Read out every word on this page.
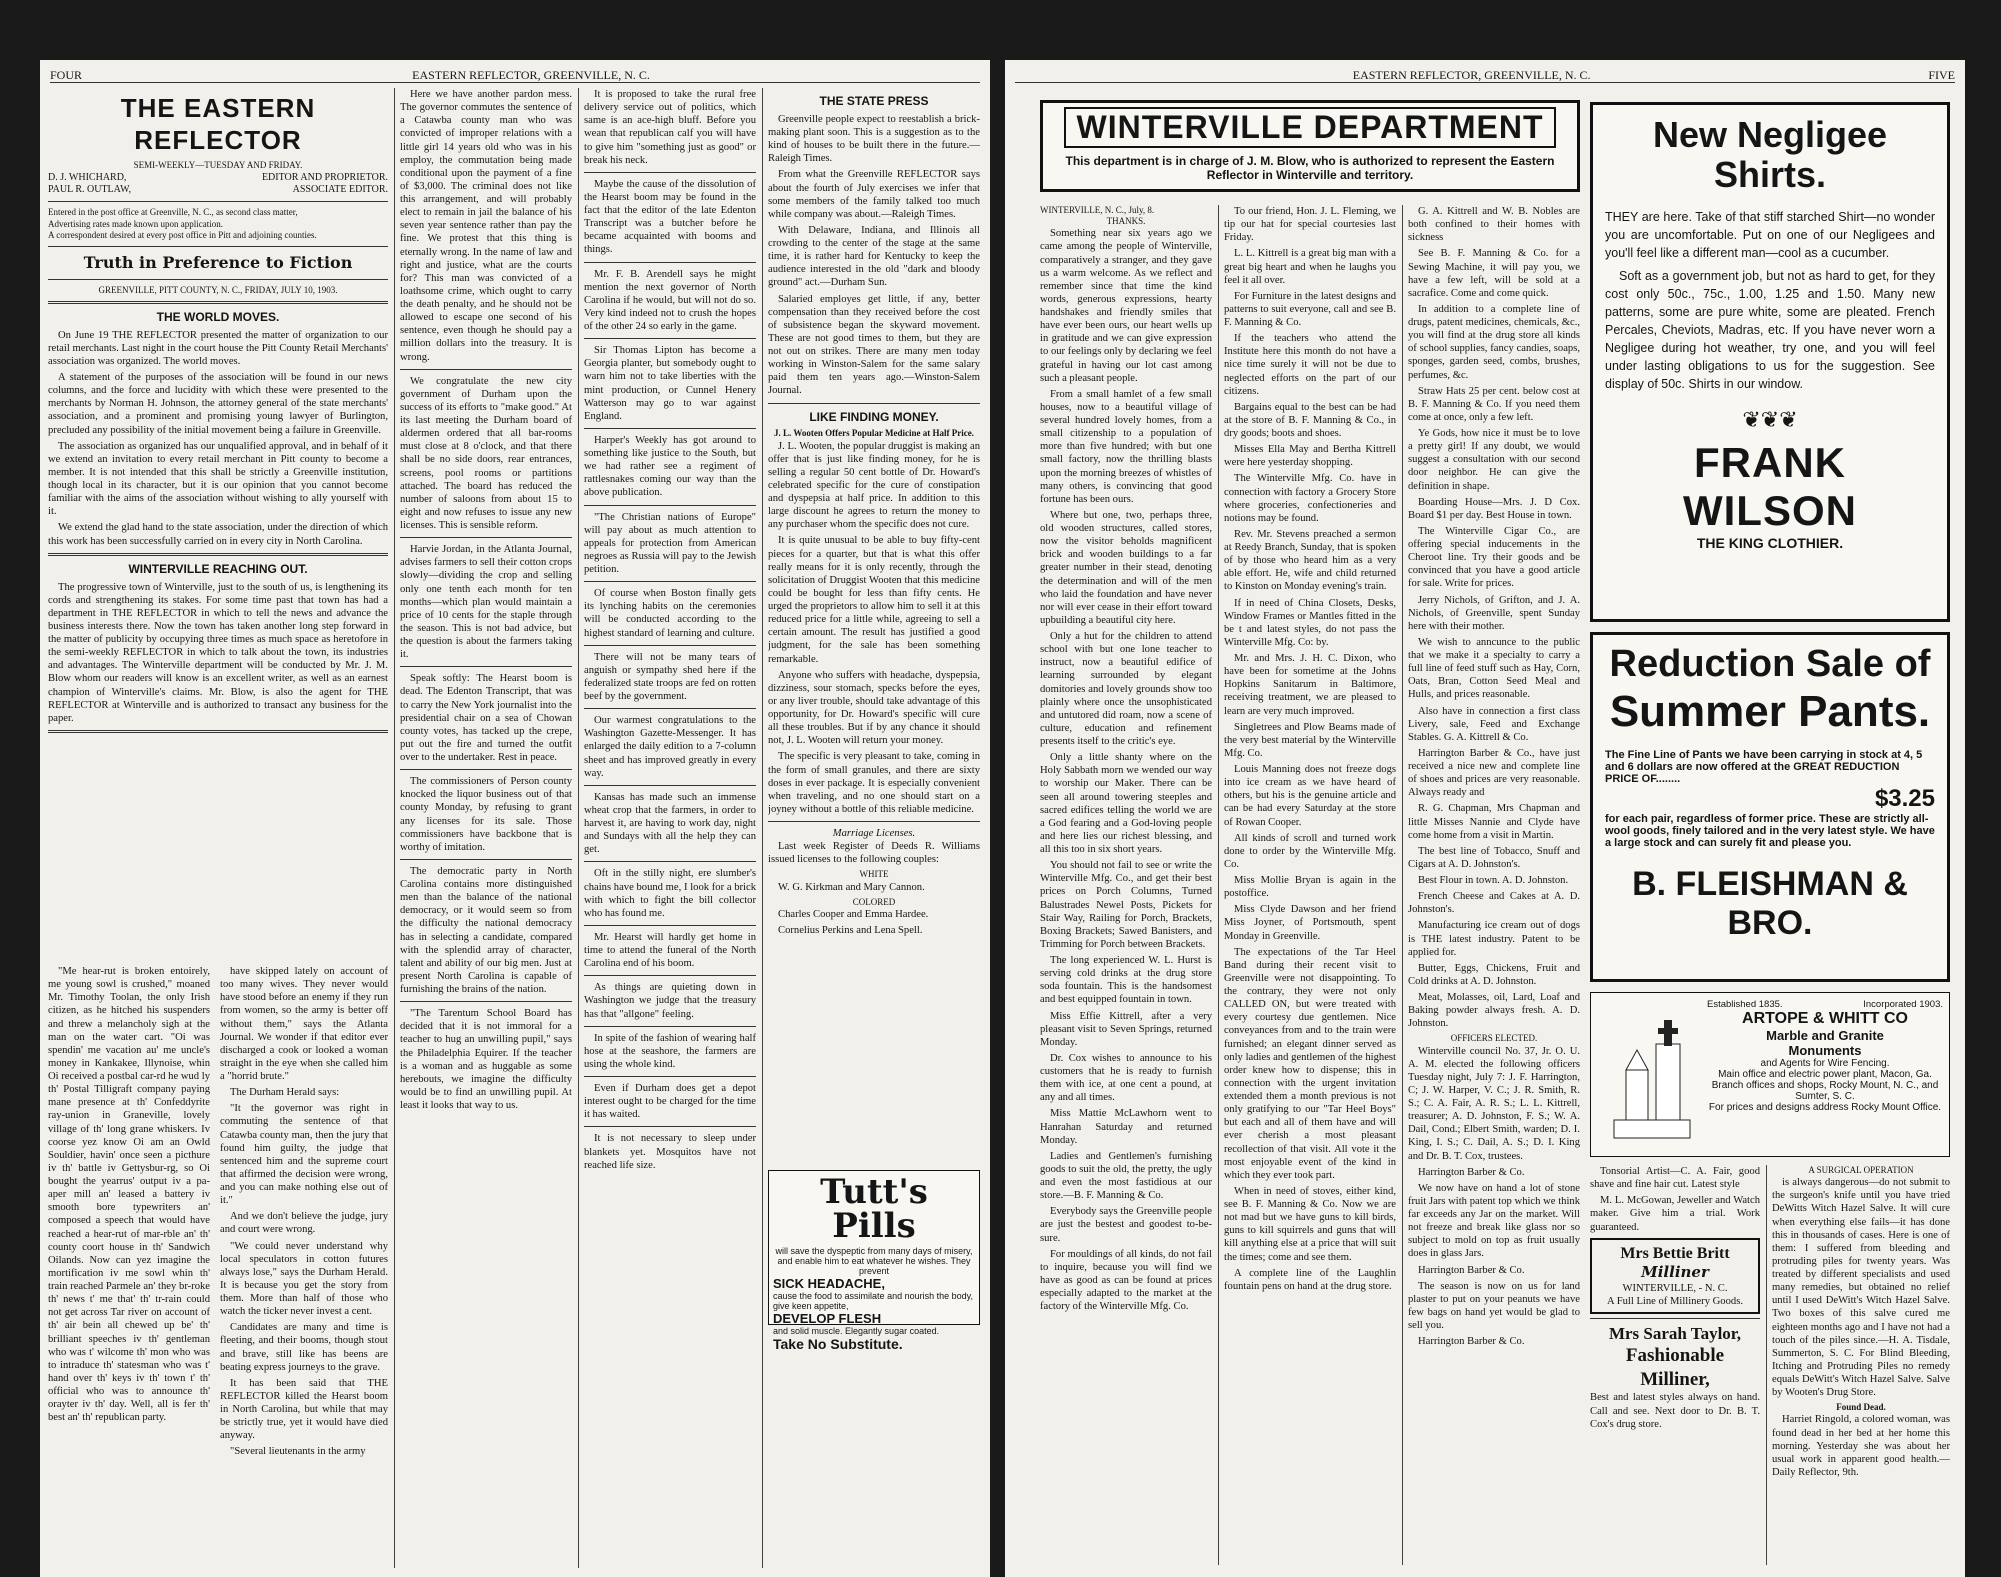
FOUR	EASTERN REFLECTOR, GREENVILLE, N. C.
THE EASTERN REFLECTOR
SEMI-WEEKLY—TUESDAY AND FRIDAY.
D. J. WHICHARD,	EDITOR AND PROPRIETOR.
PAUL R. OUTLAW,	ASSOCIATE EDITOR.
Entered in the post office at Greenville, N. C., as second class matter,
Advertising rates made known upon application.
A correspondent desired at every post office in Pitt and adjoining counties.
Truth in Preference to Fiction
GREENVILLE, PITT COUNTY, N. C., FRIDAY, JULY 10, 1903.
THE WORLD MOVES.

On June 19 THE REFLECTOR presented the matter of organization to our retail merchants. Last night in the court house the Pitt County Retail Merchants' association was organized. The world moves.

A statement of the purposes of the association will be found in our news columns, and the force and lucidity with which these were presented to the merchants by Norman H. Johnson, the attorney general of the state merchants' association, and a prominent and promising young lawyer of Burlington, precluded any possibility of the initial movement being a failure in Greenville.

The association as organized has our unqualified approval, and in behalf of it we extend an invitation to every retail merchant in Pitt county to become a member. It is not intended that this shall be strictly a Greenville institution, though local in its character, but it is our opinion that you cannot become familiar with the aims of the association without wishing to ally yourself with it.

We extend the glad hand to the state association, under the direction of which this work has been successfully carried on in every city in North Carolina.

WINTERVILLE REACHING OUT.

The progressive town of Winterville, just to the south of us, is lengthening its cords and strengthening its stakes. For some time past that town has had a department in THE REFLECTOR in which to tell the news and advance the business interests there. Now the town has taken another long step forward in the matter of publicity by occupying three times as much space as heretofore in the semi-weekly REFLECTOR in which to talk about the town, its industries and advantages. The Winterville department will be conducted by Mr. J. M. Blow whom our readers will know is an excellent writer, as well as an earnest champion of Winterville's claims. Mr. Blow, is also the agent for THE REFLECTOR at Winterville and is authorized to transact any business for the paper.

"Me hear-rut is broken entoirely, me young sowl is crushed," moaned Mr. Timothy Toolan, the only Irish citizen, as he hitched his suspenders and threw a melancholy sigh at the man on the water cart. "Oi was spendin' me vacation au' me uncle's money in Kankakee, Illynoise, whin Oi received a postbal car-rd he wud ly th' Postal Tilligraft company paying mane presence at th' Confeddyrite ray-union in Graneville, lovely village of th' long grane whiskers. Iv coorse yez know Oi am an Owld Souldier, havin' once seen a picthure iv th' battle iv Gettysbur-rg, so Oi bought the yearrus' output iv a pa-aper mill an' leased a battery iv smooth bore typewriters an' composed a speech that would have reached a hear-rut of mar-rble an' th' county coort house in th' Sandwich Oilands. Now can yez imagine the mortification iv me sowl whin th' train reached Parmele an' they br-roke th' news t' me that' th' tr-rain could not get across Tar river on account of th' air bein all chewed up be' th' brilliant speeches iv th' gentleman who was t' wilcome th' mon who was to intraduce th' statesman who was t' hand over th' keys iv th' town t' th' official who was to announce th' orayter iv th' day. Well, all is fer th' best an' th' republican party.

have skipped lately on account of too many wives. They never would have stood before an enemy if they run from women, so the army is better off without them," says the Atlanta Journal. We wonder if that editor ever discharged a cook or looked a woman straight in the eye when she called him a "horrid brute."

The Durham Herald says:

"It the governor was right in commuting the sentence of that Catawba county man, then the jury that found him guilty, the judge that sentenced him and the supreme court that affirmed the decision were wrong, and you can make nothing else out of it."

And we don't believe the judge, jury and court were wrong.

"We could never understand why local speculators in cotton futures always lose," says the Durham Herald. It is because you get the story from them. More than half of those who watch the ticker never invest a cent.

Candidates are many and time is fleeting, and their booms, though stout and brave, still like has beens are beating express journeys to the grave.

It has been said that THE REFLECTOR killed the Hearst boom in North Carolina, but while that may be strictly true, yet it would have died anyway.

"Several lieutenants in the army

Here we have another pardon mess. The governor commutes the sentence of a Catawba county man who was convicted of improper relations with a little girl 14 years old who was in his employ, the commutation being made conditional upon the payment of a fine of $3,000. The criminal does not like this arrangement, and will probably elect to remain in jail the balance of his seven year sentence rather than pay the fine. We protest that this thing is eternally wrong. In the name of law and right and justice, what are the courts for? This man was convicted of a loathsome crime, which ought to carry the death penalty, and he should not be allowed to escape one second of his sentence, even though he should pay a million dollars into the treasury. It is wrong.

We congratulate the new city government of Durham upon the success of its efforts to "make good." At its last meeting the Durham board of aldermen ordered that all bar-rooms must close at 8 o'clock, and that there shall be no side doors, rear entrances, screens, pool rooms or partitions attached. The board has reduced the number of saloons from about 15 to eight and now refuses to issue any new licenses. This is sensible reform.

Harvie Jordan, in the Atlanta Journal, advises farmers to sell their cotton crops slowly—dividing the crop and selling only one tenth each month for ten months—which plan would maintain a price of 10 cents for the staple through the season. This is not bad advice, but the question is about the farmers taking it.

Speak softly: The Hearst boom is dead. The Edenton Transcript, that was to carry the New York journalist into the presidential chair on a sea of Chowan county votes, has tacked up the crepe, put out the fire and turned the outfit over to the undertaker. Rest in peace.

The commissioners of Person county knocked the liquor business out of that county Monday, by refusing to grant any licenses for its sale. Those commissioners have backbone that is worthy of imitation.

The democratic party in North Carolina contains more distinguished men than the balance of the national democracy, or it would seem so from the difficulty the national democracy has in selecting a candidate, compared with the splendid array of character, talent and ability of our big men. Just at present North Carolina is capable of furnishing the brains of the nation.

"The Tarentum School Board has decided that it is not immoral for a teacher to hug an unwilling pupil," says the Philadelphia Equirer. If the teacher is a woman and as huggable as some herebouts, we imagine the difficulty would be to find an unwilling pupil. At least it looks that way to us.

It is proposed to take the rural free delivery service out of politics, which same is an ace-high bluff. Before you wean that republican calf you will have to give him "something just as good" or break his neck.

Maybe the cause of the dissolution of the Hearst boom may be found in the fact that the editor of the late Edenton Transcript was a butcher before he became acquainted with booms and things.

Mr. F. B. Arendell says he might mention the next governor of North Carolina if he would, but will not do so. Very kind indeed not to crush the hopes of the other 24 so early in the game.

Sir Thomas Lipton has become a Georgia planter, but somebody ought to warn him not to take liberties with the mint production, or Cunnel Henery Watterson may go to war against England.

Harper's Weekly has got around to something like justice to the South, but we had rather see a regiment of rattlesnakes coming our way than the above publication.

"The Christian nations of Europe" will pay about as much attention to appeals for protection from American negroes as Russia will pay to the Jewish petition.

Of course when Boston finally gets its lynching habits on the ceremonies will be conducted according to the highest standard of learning and culture.

There will not be many tears of anguish or sympathy shed here if the federalized state troops are fed on rotten beef by the government.

Our warmest congratulations to the Washington Gazette-Messenger. It has enlarged the daily edition to a 7-column sheet and has improved greatly in every way.

Kansas has made such an immense wheat crop that the farmers, in order to harvest it, are having to work day, night and Sundays with all the help they can get.

Oft in the stilly night, ere slumber's chains have bound me, I look for a brick with which to fight the bill collector who has found me.

Mr. Hearst will hardly get home in time to attend the funeral of the North Carolina end of his boom.

As things are quieting down in Washington we judge that the treasury has that "allgone" feeling.

In spite of the fashion of wearing half hose at the seashore, the farmers are using the whole kind.

Even if Durham does get a depot interest ought to be charged for the time it has waited.

It is not necessary to sleep under blankets yet. Mosquitos have not reached life size.

THE STATE PRESS

Greenville people expect to reestablish a brick-making plant soon. This is a suggestion as to the kind of houses to be built there in the future.—Raleigh Times.

From what the Greenville REFLECTOR says about the fourth of July exercises we infer that some members of the family talked too much while company was about.—Raleigh Times.

With Delaware, Indiana, and Illinois all crowding to the center of the stage at the same time, it is rather hard for Kentucky to keep the audience interested in the old "dark and bloody ground" act.—Durham Sun.

Salaried employes get little, if any, better compensation than they received before the cost of subsistence began the skyward movement. These are not good times to them, but they are not out on strikes. There are many men today working in Winston-Salem for the same salary paid them ten years ago.—Winston-Salem Journal.

LIKE FINDING MONEY.
J. L. Wooten Offers Popular Medicine at Half Price.

J. L. Wooten, the popular druggist is making an offer that is just like finding money, for he is selling a regular 50 cent bottle of Dr. Howard's celebrated specific for the cure of constipation and dyspepsia at half price. In addition to this large discount he agrees to return the money to any purchaser whom the specific does not cure.

It is quite unusual to be able to buy fifty-cent pieces for a quarter, but that is what this offer really means for it is only recently, through the solicitation of Druggist Wooten that this medicine could be bought for less than fifty cents. He urged the proprietors to allow him to sell it at this reduced price for a little while, agreeing to sell a certain amount. The result has justified a good judgment, for the sale has been something remarkable.

Anyone who suffers with headache, dyspepsia, dizziness, sour stomach, specks before the eyes, or any liver trouble, should take advantage of this opportunity, for Dr. Howard's specific will cure all these troubles. But if by any chance it should not, J. L. Wooten will return your money.

The specific is very pleasant to take, coming in the form of small granules, and there are sixty doses in ever package. It is especially convenient when traveling, and no one should start on a joyney without a bottle of this reliable medicine.

Marriage Licenses.

Last week Register of Deeds R. Williams issued licenses to the following couples:

WHITE

W. G. Kirkman and Mary Cannon.

COLORED

Charles Cooper and Emma Hardee.

Cornelius Perkins and Lena Spell.

Tutt's Pills
will save the dyspeptic from many days of misery, and enable him to eat whatever he wishes. They prevent
SICK HEADACHE,
cause the food to assimilate and nourish the body, give keen appetite,
DEVELOP FLESH
and solid muscle. Elegantly sugar coated.
Take No Substitute.
EASTERN REFLECTOR, GREENVILLE, N. C.	FIVE
WINTERVILLE DEPARTMENT
This department is in charge of J. M. Blow, who is authorized to represent the Eastern Reflector in Winterville and territory.
WINTERVILLE, N. C., July, 8.
THANKS.

Something near six years ago we came among the people of Winterville, comparatively a stranger, and they gave us a warm welcome. As we reflect and remember since that time the kind words, generous expressions, hearty handshakes and friendly smiles that have ever been ours, our heart wells up in gratitude and we can give expression to our feelings only by declaring we feel grateful in having our lot cast among such a pleasant people.

From a small hamlet of a few small houses, now to a beautiful village of several hundred lovely homes, from a small citizenship to a population of more than five hundred; with but one small factory, now the thrilling blasts upon the morning breezes of whistles of many others, is convincing that good fortune has been ours.

Where but one, two, perhaps three, old wooden structures, called stores, now the visitor beholds magnificent brick and wooden buildings to a far greater number in their stead, denoting the determination and will of the men who laid the foundation and have never nor will ever cease in their effort toward upbuilding a beautiful city here.

Only a hut for the children to attend school with but one lone teacher to instruct, now a beautiful edifice of learning surrounded by elegant domitories and lovely grounds show too plainly where once the unsophisticated and untutored did roam, now a scene of culture, education and refinement presents itself to the critic's eye.

Only a little shanty where on the Holy Sabbath morn we wended our way to worship our Maker. There can be seen all around towering steeples and sacred edifices telling the world we are a God fearing and a God-loving people and here lies our richest blessing, and all this too in six short years.

You should not fail to see or write the Winterville Mfg. Co., and get their best prices on Porch Columns, Turned Balustrades Newel Posts, Pickets for Stair Way, Railing for Porch, Brackets, Boxing Brackets; Sawed Banisters, and Trimming for Porch between Brackets.

The long experienced W. L. Hurst is serving cold drinks at the drug store soda fountain. This is the handsomest and best equipped fountain in town.

Miss Effie Kittrell, after a very pleasant visit to Seven Springs, returned Monday.

Dr. Cox wishes to announce to his customers that he is ready to furnish them with ice, at one cent a pound, at any and all times.

Miss Mattie McLawhorn went to Hanrahan Saturday and returned Monday.

Ladies and Gentlemen's furnishing goods to suit the old, the pretty, the ugly and even the most fastidious at our store.—B. F. Manning & Co.

Everybody says the Greenville people are just the bestest and goodest to-be-sure.

For mouldings of all kinds, do not fail to inquire, because you will find we have as good as can be found at prices especially adapted to the market at the factory of the Winterville Mfg. Co.

To our friend, Hon. J. L. Fleming, we tip our hat for special courtesies last Friday.

L. L. Kittrell is a great big man with a great big heart and when he laughs you feel it all over.

For Furniture in the latest designs and patterns to suit everyone, call and see B. F. Manning & Co.

If the teachers who attend the Institute here this month do not have a nice time surely it will not be due to neglected efforts on the part of our citizens.

Bargains equal to the best can be had at the store of B. F. Manning & Co., in dry goods; boots and shoes.

Misses Ella May and Bertha Kittrell were here yesterday shopping.

The Winterville Mfg. Co. have in connection with factory a Grocery Store where groceries, confectioneries and notions may be found.

Rev. Mr. Stevens preached a sermon at Reedy Branch, Sunday, that is spoken of by those who heard him as a very able effort. He, wife and child returned to Kinston on Monday evening's train.

If in need of China Closets, Desks, Window Frames or Mantles fitted in the be t and latest styles, do not pass the Winterville Mfg. Co: by.

Mr. and Mrs. J. H. C. Dixon, who have been for sometime at the Johns Hopkins Sanitarum in Baltimore, receiving treatment, we are pleased to learn are very much improved.

Singletrees and Plow Beams made of the very best material by the Winterville Mfg. Co.

Louis Manning does not freeze dogs into ice cream as we have heard of others, but his is the genuine article and can be had every Saturday at the store of Rowan Cooper.

All kinds of scroll and turned work done to order by the Winterville Mfg. Co.

Miss Mollie Bryan is again in the postoffice.

Miss Clyde Dawson and her friend Miss Joyner, of Portsmouth, spent Monday in Greenville.

The expectations of the Tar Heel Band during their recent visit to Greenville were not disappointing. To the contrary, they were not only CALLED ON, but were treated with every courtesy due gentlemen. Nice conveyances from and to the train were furnished; an elegant dinner served as only ladies and gentlemen of the highest order knew how to dispense; this in connection with the urgent invitation extended them a month previous is not only gratifying to our "Tar Heel Boys" but each and all of them have and will ever cherish a most pleasant recollection of that visit. All vote it the most enjoyable event of the kind in which they ever took part.

When in need of stoves, either kind, see B. F. Manning & Co. Now we are not mad but we have guns to kill birds, guns to kill squirrels and guns that will kill anything else at a price that will suit the times; come and see them.

A complete line of the Laughlin fountain pens on hand at the drug store.

G. A. Kittrell and W. B. Nobles are both confined to their homes with sickness

See B. F. Manning & Co. for a Sewing Machine, it will pay you, we have a few left, will be sold at a sacrafice. Come and come quick.

In addition to a complete line of drugs, patent medicines, chemicals, &c., you will find at the drug store all kinds of school supplies, fancy candies, soaps, sponges, garden seed, combs, brushes, perfumes, &c.

Straw Hats 25 per cent. below cost at B. F. Manning & Co. If you need them come at once, only a few left.

Ye Gods, how nice it must be to love a pretty girl! If any doubt, we would suggest a consultation with our second door neighbor. He can give the definition in shape.

Boarding House—Mrs. J. D Cox. Board $1 per day. Best House in town.

The Winterville Cigar Co., are offering special inducements in the Cheroot line. Try their goods and be convinced that you have a good article for sale. Write for prices.

Jerry Nichols, of Grifton, and J. A. Nichols, of Greenville, spent Sunday here with their mother.

We wish to anncunce to the public that we make it a specialty to carry a full line of feed stuff such as Hay, Corn, Oats, Bran, Cotton Seed Meal and Hulls, and prices reasonable.

Also have in connection a first class Livery, sale, Feed and Exchange Stables. G. A. Kittrell & Co.

Harrington Barber & Co., have just received a nice new and complete line of shoes and prices are very reasonable. Always ready and

R. G. Chapman, Mrs Chapman and little Misses Nannie and Clyde have come home from a visit in Martin.

The best line of Tobacco, Snuff and Cigars at A. D. Johnston's.

Best Flour in town. A. D. Johnston.

French Cheese and Cakes at A. D. Johnston's.

Manufacturing ice cream out of dogs is THE latest industry. Patent to be applied for.

Butter, Eggs, Chickens, Fruit and Cold drinks at A. D. Johnston.

Meat, Molasses, oil, Lard, Loaf and Baking powder always fresh. A. D. Johnston.

OFFICERS ELECTED.

Winterville council No. 37, Jr. O. U. A. M. elected the following officers Tuesday night, July 7: J. F. Harrington, C; J. W. Harper, V. C.; J. R. Smith, R. S.; C. A. Fair, A. R. S.; L. L. Kittrell, treasurer; A. D. Johnston, F. S.; W. A. Dail, Cond.; Elbert Smith, warden; D. I. King, I. S.; C. Dail, A. S.; D. I. King and Dr. B. T. Cox, trustees.

Harrington Barber & Co.

We now have on hand a lot of stone fruit Jars with patent top which we think far exceeds any Jar on the market. Will not freeze and break like glass nor so subject to mold on top as fruit usually does in glass Jars.

Harrington Barber & Co.

The season is now on us for land plaster to put on your peanuts we have few bags on hand yet would be glad to sell you.

Harrington Barber & Co.

New Negligee
Shirts.
THEY are here. Take of that stiff starched Shirt—no wonder you are uncomfortable. Put on one of our Negligees and you'll feel like a different man—cool as a cucumber.
Soft as a government job, but not as hard to get, for they cost only 50c., 75c., 1.00, 1.25 and 1.50. Many new patterns, some are pure white, some are pleated. French Percales, Cheviots, Madras, etc. If you have never worn a Negligee during hot weather, try one, and you will feel under lasting obligations to us for the suggestion. See display of 50c. Shirts in our window.
❦❦❦
FRANK WILSON
THE KING CLOTHIER.
Reduction Sale of
Summer Pants.
The Fine Line of Pants we have been carrying in stock at 4, 5 and 6 dollars are now offered at the GREAT REDUCTION PRICE OF........
$3.25
for each pair, regardless of former price. These are strictly all-wool goods, finely tailored and in the very latest style. We have a large stock and can surely fit and please you.
B. FLEISHMAN & BRO.
Established 1835.	Incorporated 1903.
ARTOPE & WHITT CO
Marble and Granite
Monuments
and Agents for Wire Fencing.
Main office and electric power plant, Macon, Ga.
Branch offices and shops, Rocky Mount, N. C., and Sumter, S. C.
For prices and designs address Rocky Mount Office.

Tonsorial Artist—C. A. Fair, good shave and fine hair cut. Latest style

M. L. McGowan, Jeweller and Watch maker. Give him a trial. Work guaranteed.

Mrs Bettie Britt
Milliner
WINTERVILLE, - N. C.
A Full Line of Millinery Goods.
Mrs Sarah Taylor,
Fashionable
Milliner,
Best and latest styles always on hand. Call and see. Next door to Dr. B. T. Cox's drug store.
A SURGICAL OPERATION

is always dangerous—do not submit to the surgeon's knife until you have tried DeWitts Witch Hazel Salve. It will cure when everything else fails—it has done this in thousands of cases. Here is one of them: I suffered from bleeding and protruding piles for twenty years. Was treated by different specialists and used many remedies, but obtained no relief until I used DeWitt's Witch Hazel Salve. Two boxes of this salve cured me eighteen months ago and I have not had a touch of the piles since.—H. A. Tisdale, Summerton, S. C. For Blind Bleeding, Itching and Protruding Piles no remedy equals DeWitt's Witch Hazel Salve. Salve by Wooten's Drug Store.

Found Dead.

Harriet Ringold, a colored woman, was found dead in her bed at her home this morning. Yesterday she was about her usual work in apparent good health.—Daily Reflector, 9th.
